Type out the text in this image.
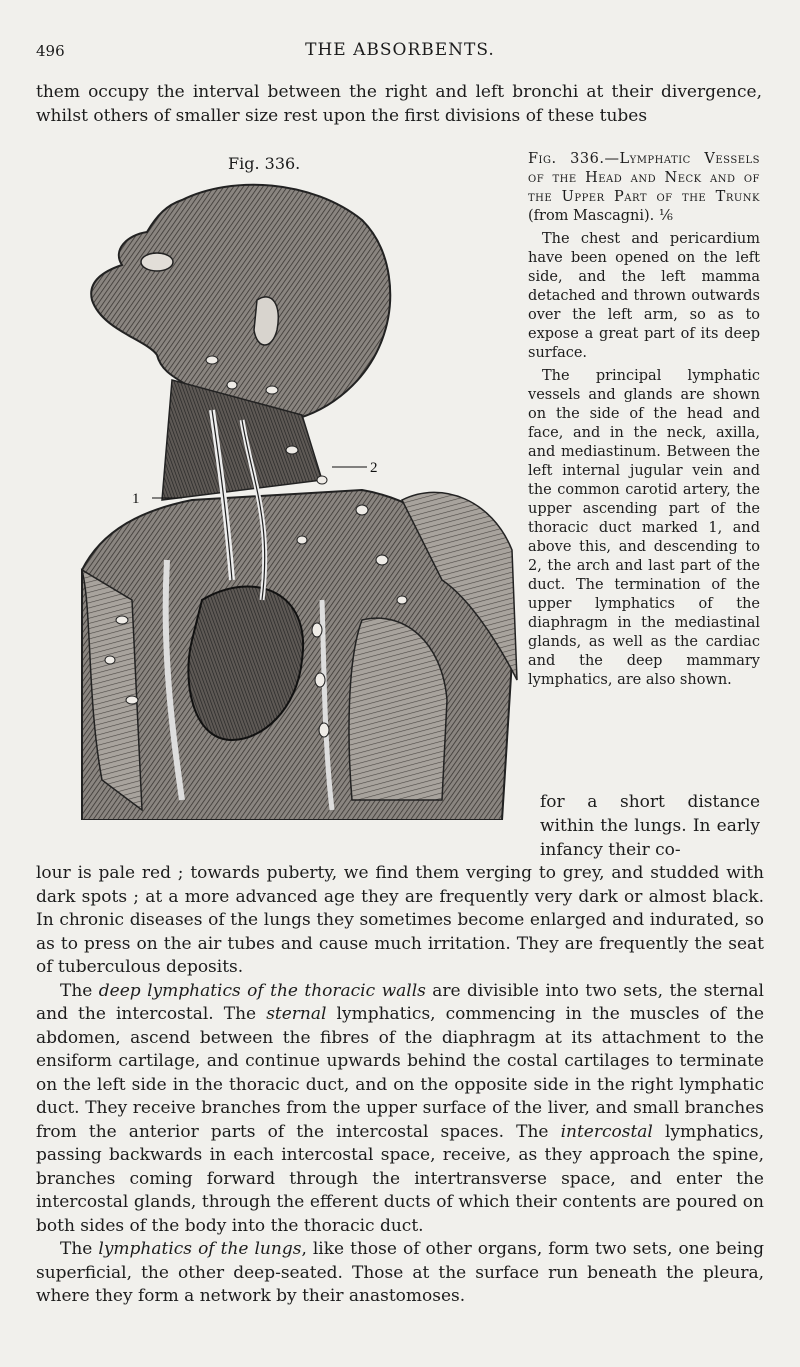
496	THE ABSORBENTS.
them occupy the interval between the right and left bronchi at their divergence, whilst others of smaller size rest upon the first divisions of these tubes
Fig. 336.
1
2

Fig. 336.—Lymphatic Vessels of the Head and Neck and of the Upper Part of the Trunk (from Mascagni). ⅙

The chest and pericardium have been opened on the left side, and the left mamma detached and thrown outwards over the left arm, so as to expose a great part of its deep surface.

The principal lymphatic vessels and glands are shown on the side of the head and face, and in the neck, axilla, and mediastinum. Between the left internal jugular vein and the common carotid artery, the upper ascending part of the thoracic duct marked 1, and above this, and descending to 2, the arch and last part of the duct. The termination of the upper lymphatics of the diaphragm in the mediastinal glands, as well as the cardiac and the deep mammary lymphatics, are also shown.

for a short distance within the lungs. In early infancy their co-

lour is pale red ; towards puberty, we find them verging to grey, and studded with dark spots ; at a more advanced age they are frequently very dark or almost black. In chronic diseases of the lungs they sometimes become enlarged and indurated, so as to press on the air tubes and cause much irritation. They are frequently the seat of tuberculous deposits.

The deep lymphatics of the thoracic walls are divisible into two sets, the sternal and the intercostal. The sternal lymphatics, commencing in the muscles of the abdomen, ascend between the fibres of the diaphragm at its attachment to the ensiform cartilage, and continue upwards behind the costal cartilages to terminate on the left side in the thoracic duct, and on the opposite side in the right lymphatic duct. They receive branches from the upper surface of the liver, and small branches from the anterior parts of the intercostal spaces. The intercostal lymphatics, passing backwards in each intercostal space, receive, as they approach the spine, branches coming forward through the intertransverse space, and enter the intercostal glands, through the efferent ducts of which their contents are poured on both sides of the body into the thoracic duct.

The lymphatics of the lungs, like those of other organs, form two sets, one being superficial, the other deep-seated. Those at the surface run beneath the pleura, where they form a network by their anastomoses.
